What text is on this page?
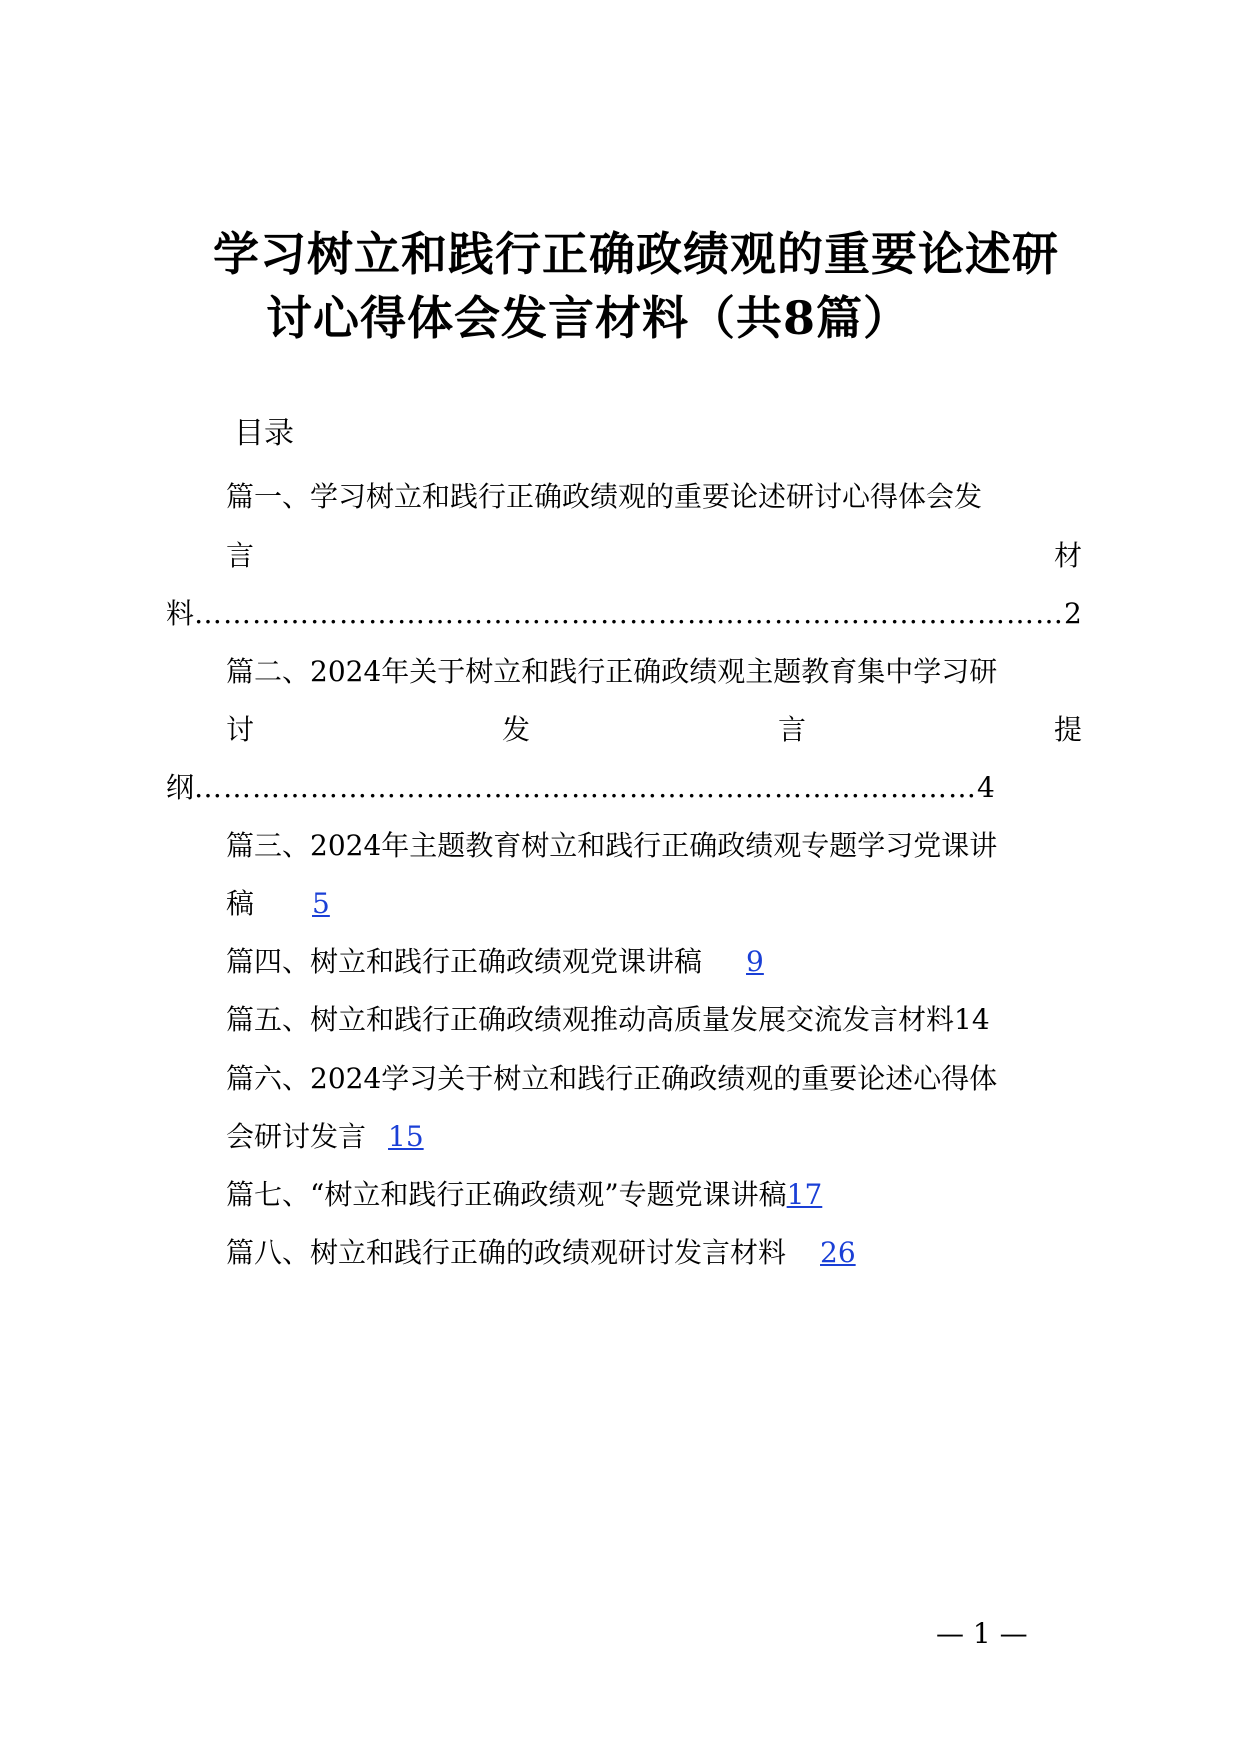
学习树立和践行正确政绩观的重要论述研
讨心得体会发言材料（共8篇）
目录
篇一、学习树立和践行正确政绩观的重要论述研讨心得体会发
言	材
料………………………………………………………………………………2
篇二、2024年关于树立和践行正确政绩观主题教育集中学习研
讨	发	言	提
纲………………………………………………………………………4
篇三、2024年主题教育树立和践行正确政绩观专题学习党课讲
稿 5
篇四、树立和践行正确政绩观党课讲稿 9
篇五、树立和践行正确政绩观推动高质量发展交流发言材料14
篇六、2024学习关于树立和践行正确政绩观的重要论述心得体
会研讨发言 15
篇七、“树立和践行正确政绩观”专题党课讲稿17
篇八、树立和践行正确的政绩观研讨发言材料 26
— 1 —
